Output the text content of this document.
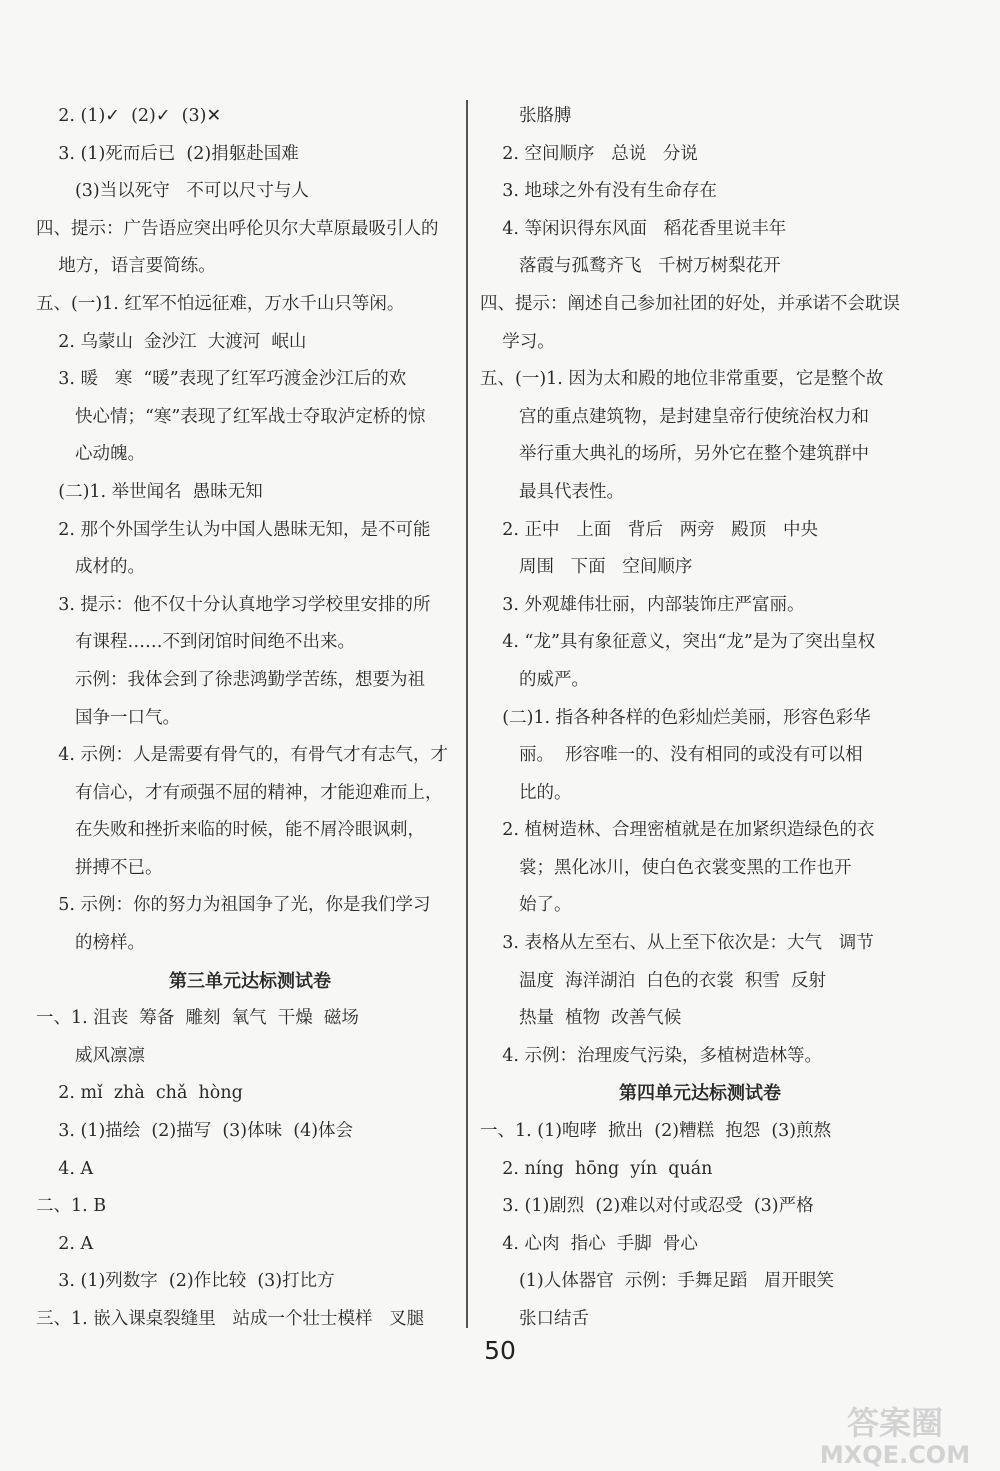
2. (1)✓  (2)✓  (3)✕
3. (1)死而后已  (2)捐躯赴国难
(3)当以死守   不可以尺寸与人
四、提示：广告语应突出呼伦贝尔大草原最吸引人的
地方，语言要简练。
五、(一)1. 红军不怕远征难，万水千山只等闲。
2. 乌蒙山  金沙江  大渡河  岷山
3. 暖   寒  “暖”表现了红军巧渡金沙江后的欢
快心情；“寒”表现了红军战士夺取泸定桥的惊
心动魄。
(二)1. 举世闻名  愚昧无知
2. 那个外国学生认为中国人愚昧无知，是不可能
成材的。
3. 提示：他不仅十分认真地学习学校里安排的所
有课程……不到闭馆时间绝不出来。
示例：我体会到了徐悲鸿勤学苦练，想要为祖
国争一口气。
4. 示例：人是需要有骨气的，有骨气才有志气，才
有信心，才有顽强不屈的精神，才能迎难而上，
在失败和挫折来临的时候，能不屑冷眼讽刺，
拼搏不已。
5. 示例：你的努力为祖国争了光，你是我们学习
的榜样。
第三单元达标测试卷
一、1. 沮丧  筹备  雕刻  氧气  干燥  磁场
威风凛凛
2. mǐ  zhà  chǎ  hòng
3. (1)描绘  (2)描写  (3)体味  (4)体会
4. A
二、1. B
2. A
3. (1)列数字  (2)作比较  (3)打比方
三、1. 嵌入课桌裂缝里   站成一个壮士模样   叉腿
张胳膊
2. 空间顺序   总说   分说
3. 地球之外有没有生命存在
4. 等闲识得东风面   稻花香里说丰年
落霞与孤鹜齐飞   千树万树梨花开
四、提示：阐述自己参加社团的好处，并承诺不会耽误
学习。
五、(一)1. 因为太和殿的地位非常重要，它是整个故
宫的重点建筑物，是封建皇帝行使统治权力和
举行重大典礼的场所，另外它在整个建筑群中
最具代表性。
2. 正中   上面   背后   两旁   殿顶   中央
周围   下面   空间顺序
3. 外观雄伟壮丽，内部装饰庄严富丽。
4. “龙”具有象征意义，突出“龙”是为了突出皇权
的威严。
(二)1. 指各种各样的色彩灿烂美丽，形容色彩华
丽。  形容唯一的、没有相同的或没有可以相
比的。
2. 植树造林、合理密植就是在加紧织造绿色的衣
裳；黑化冰川，使白色衣裳变黑的工作也开
始了。
3. 表格从左至右、从上至下依次是：大气   调节
温度  海洋湖泊  白色的衣裳  积雪  反射
热量  植物  改善气候
4. 示例：治理废气污染，多植树造林等。
第四单元达标测试卷
一、1. (1)咆哮  掀出  (2)糟糕  抱怨  (3)煎熬
2. níng  hōng  yín  quán
3. (1)剧烈  (2)难以对付或忍受  (3)严格
4. 心肉  指心  手脚  骨心
(1)人体器官  示例：手舞足蹈   眉开眼笑
张口结舌
50
答案圈
MXQE.COM
